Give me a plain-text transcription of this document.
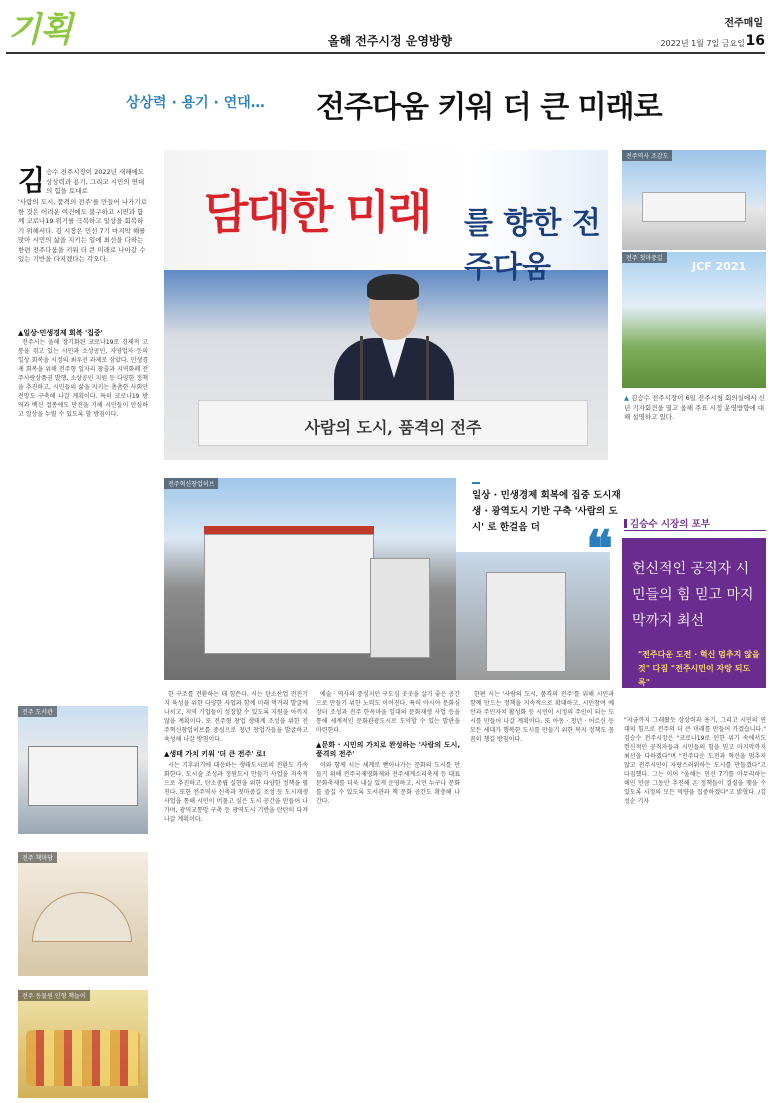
기획	올해 전주시정 운영방향
전주매일
2022년 1월 7일 금요일 16
상상력 · 용기 · 연대… 전주다움 키워 더 큰 미래로
김 승수 전주시장이 2022년 새해에도 상상력과 용기, 그리고 시민의 연대의 힘을 토대로
'사람의 도시, 품격의 전주'를 만들어 나가기로 한 것은 어려운 여건에도 불구하고 시민과 함께 코로나19 위기를 극복하고 일상을 회복하기 위해서다. 김 시장은 민선 7기 마지막 해를 맞아 시민의 삶을 지키는 일에 최선을 다하는 한편 전주다움을 키워 더 큰 미래로 나아갈 수 있는 기반을 다지겠다는 각오다.
담대한 미래 를 향한 전주다움
사람의 도시, 품격의 전주
전주역사 조감도
전주 첫마중길
JCF 2021
▲ 김승수 전주시장이 6일 전주시청 회의실에서 신년 기자회견을 열고 올해 주요 시정 운영방향에 대해 설명하고 있다.
▲일상·민생경제 회복 '집중'

전주시는 올해 장기화된 코로나19로 경제적 고통을 겪고 있는 시민과 소상공인, 자영업자 등의 일상 회복을 시정의 최우선 과제로 삼았다. 민생경제 회복을 위해 전주형 일자리 창출과 지역화폐 전주사랑상품권 발행, 소상공인 지원 등 다양한 정책을 추진하고, 시민들의 삶을 지키는 촘촘한 사회안전망도 구축해 나갈 계획이다. 특히 코로나19 방역과 백신 접종에도 만전을 기해 시민들이 안심하고 일상을 누릴 수 있도록 할 방침이다.

전주 도서관
전주 책마당
전주 동물원 인형 책놀이
전주혁신창업허브
일상 · 민생경제 회복에 집중 도시재생 · 광역도시 기반 구축 '사람의 도시' 로 한걸음 더	김승수 시장의 포부
헌신적인 공직자 시민들의 힘 믿고 마지막까지 최선
"전주다운 도전 · 혁신 멈추지 않을 것" 다짐 "전주시민이 자랑 되도록"
❝

한 구조를 전환하는 데 힘쓴다. 시는 탄소산업 전진기지 육성을 위한 다양한 사업과 함께 미래 먹거리 발굴에 나서고, 지역 기업들이 성장할 수 있도록 지원을 아끼지 않을 계획이다. 또 전주형 창업 생태계 조성을 위한 전주혁신창업허브를 중심으로 청년 창업가들을 발굴하고 육성해 나갈 방침이다.

▲생태 가치 키워 '더 큰 전주' 로!

시는 기후위기에 대응하는 생태도시로의 전환도 가속화한다. 도시숲 조성과 정원도시 만들기 사업을 지속적으로 추진하고, 탄소중립 실현을 위한 다양한 정책을 펼친다. 또한 전주역사 신축과 첫마중길 조성 등 도시재생 사업을 통해 시민이 머물고 싶은 도시 공간을 만들어 나가며, 광역교통망 구축 등 광역도시 기반을 탄탄히 다져 나갈 계획이다.

예술 · 역사의 중심지인 구도심 곳곳을 살기 좋은 공간으로 만들기 위한 노력도 이어진다. 특히 아시아 문화심장터 조성과 전주 한옥마을 일대의 문화재생 사업 등을 통해 세계적인 문화관광도시로 도약할 수 있는 발판을 마련한다.

▲문화 · 시민의 가치로 완성하는 '사람의 도시, 품격의 전주'

이와 함께 시는 세계로 뻗어나가는 문화의 도시를 만들기 위해 전주국제영화제와 전주세계소리축제 등 대표 문화축제를 더욱 내실 있게 운영하고, 시민 누구나 문화를 즐길 수 있도록 도서관과 책 문화 공간도 확충해 나간다.

한편 시는 '사람의 도시, 품격의 전주'를 위해 시민과 함께 만드는 정책을 지속적으로 확대하고, 시민참여 예산과 주민자치 활성화 등 시민이 시정의 주인이 되는 도시를 만들어 나갈 계획이다. 또 아동 · 청년 · 어르신 등 모든 세대가 행복한 도시를 만들기 위한 복지 정책도 꼼꼼히 챙길 방침이다.

"지금까지 그래왔듯 상상력과 용기, 그리고 시민의 연대의 힘으로 전주의 더 큰 미래를 만들어 가겠습니다." 김승수 전주시장은 "코로나19로 인한 위기 속에서도 헌신적인 공직자들과 시민들의 힘을 믿고 마지막까지 최선을 다하겠다"며 "전주다운 도전과 혁신을 멈추지 않고 전주시민이 자랑스러워하는 도시를 만들겠다"고 다짐했다. 그는 이어 "올해는 민선 7기를 마무리하는 해인 만큼 그동안 추진해 온 정책들이 결실을 맺을 수 있도록 시정의 모든 역량을 집중하겠다"고 밝혔다. /김성순 기자
